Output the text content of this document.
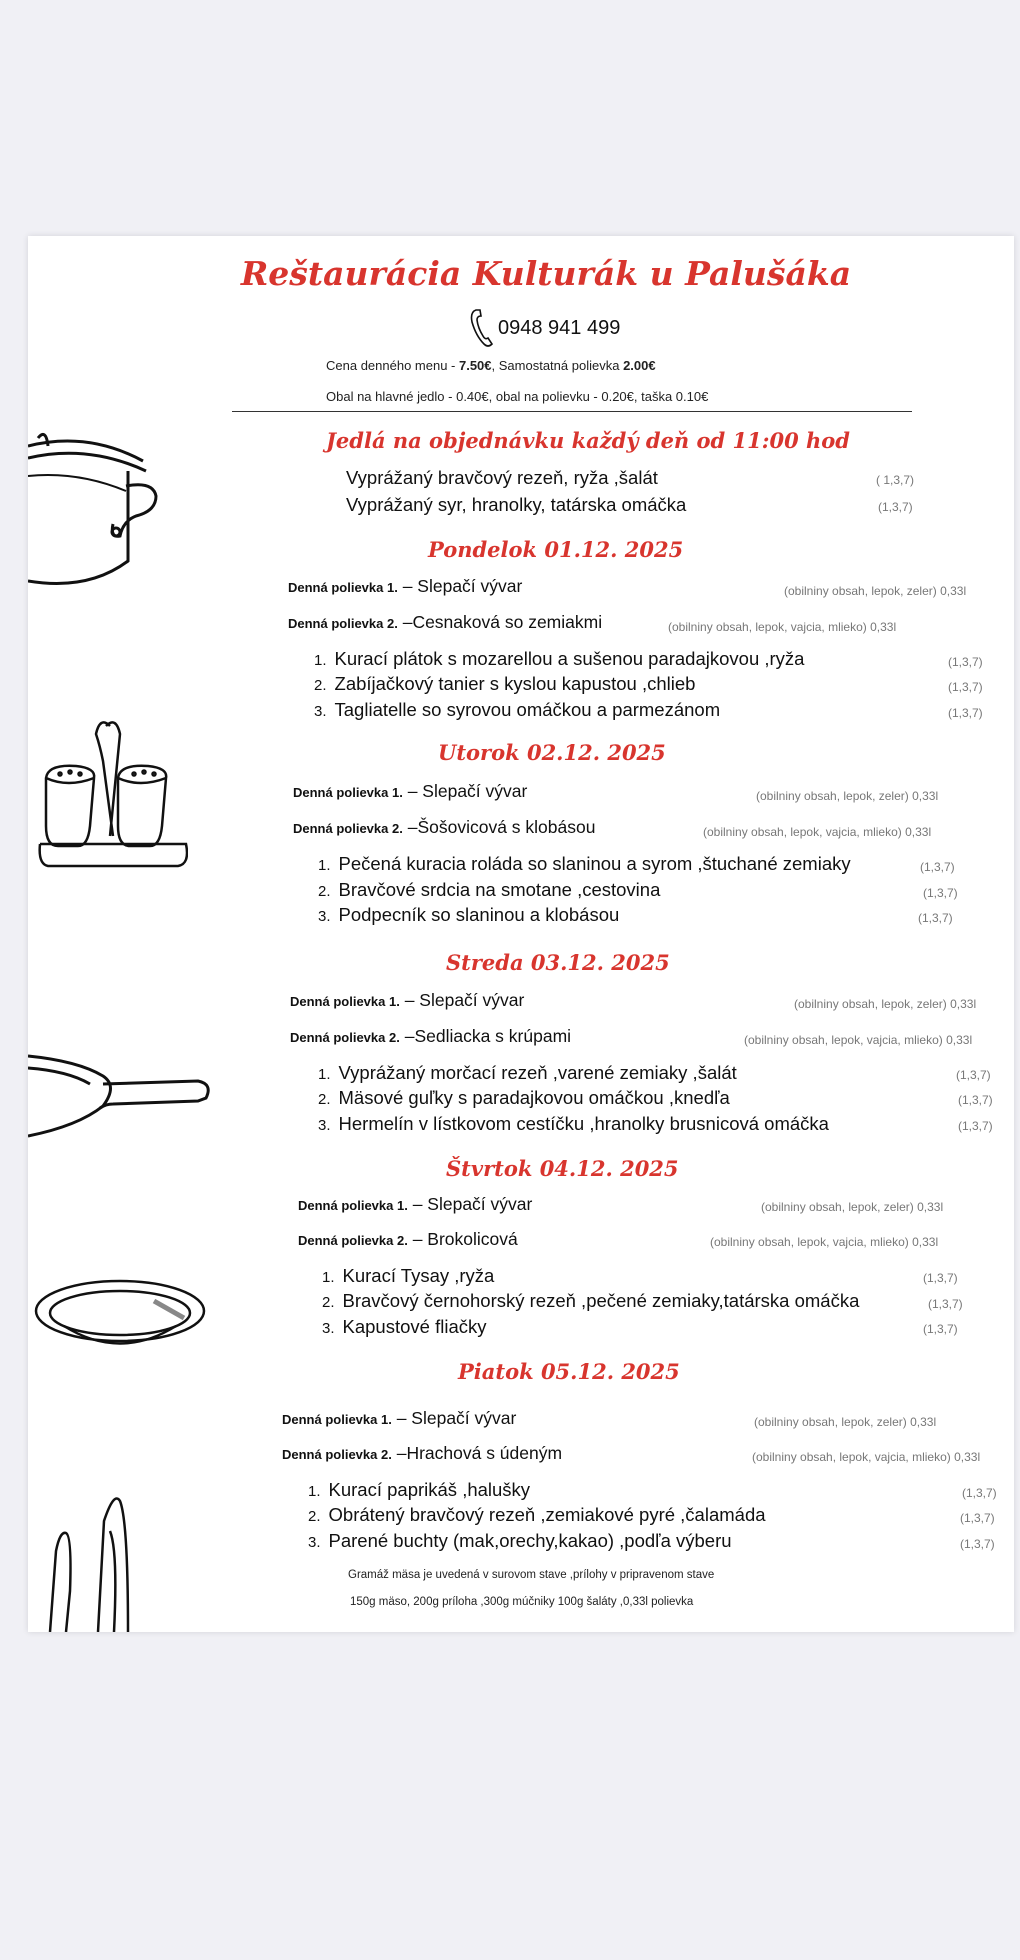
Reštaurácia Kulturák u Palušáka
0948 941 499
Cena denného menu - 7.50€, Samostatná polievka 2.00€
Obal na hlavné jedlo - 0.40€, obal na polievku - 0.20€, taška 0.10€
Jedlá na objednávku každý deň od 11:00 hod
Vyprážaný bravčový rezeň, ryža ,šalát	( 1,3,7)
Vyprážaný syr, hranolky, tatárska omáčka	(1,3,7)
Pondelok 01.12. 2025
Denná polievka 1. – Slepačí vývar	(obilniny obsah, lepok, zeler) 0,33l
Denná polievka 2. –Cesnaková so zemiakmi	(obilniny obsah, lepok, vajcia, mlieko) 0,33l
1. Kurací plátok s mozarellou a sušenou paradajkovou ,ryža	(1,3,7)
2. Zabíjačkový tanier s kyslou kapustou ,chlieb	(1,3,7)
3. Tagliatelle so syrovou omáčkou a parmezánom	(1,3,7)
Utorok 02.12. 2025
Denná polievka 1. – Slepačí vývar	(obilniny obsah, lepok, zeler) 0,33l
Denná polievka 2. –Šošovicová s klobásou	(obilniny obsah, lepok, vajcia, mlieko) 0,33l
1. Pečená kuracia roláda so slaninou a syrom ,štuchané zemiaky	(1,3,7)
2. Bravčové srdcia na smotane ,cestovina	(1,3,7)
3. Podpecník so slaninou a klobásou	(1,3,7)
Streda 03.12. 2025
Denná polievka 1. – Slepačí vývar	(obilniny obsah, lepok, zeler) 0,33l
Denná polievka 2. –Sedliacka s krúpami	(obilniny obsah, lepok, vajcia, mlieko) 0,33l
1. Vyprážaný morčací rezeň ,varené zemiaky ,šalát	(1,3,7)
2. Mäsové guľky s paradajkovou omáčkou ,knedľa	(1,3,7)
3. Hermelín v lístkovom cestíčku ,hranolky brusnicová omáčka	(1,3,7)
Štvrtok 04.12. 2025
Denná polievka 1. – Slepačí vývar	(obilniny obsah, lepok, zeler) 0,33l
Denná polievka 2. – Brokolicová	(obilniny obsah, lepok, vajcia, mlieko) 0,33l
1. Kurací Tysay ,ryža	(1,3,7)
2. Bravčový černohorský rezeň ,pečené zemiaky,tatárska omáčka	(1,3,7)
3. Kapustové fliačky	(1,3,7)
Piatok 05.12. 2025
Denná polievka 1. – Slepačí vývar	(obilniny obsah, lepok, zeler) 0,33l
Denná polievka 2. –Hrachová s údeným	(obilniny obsah, lepok, vajcia, mlieko) 0,33l
1. Kurací paprikáš ,halušky	(1,3,7)
2. Obrátený bravčový rezeň ,zemiakové pyré ,čalamáda	(1,3,7)
3. Parené buchty (mak,orechy,kakao) ,podľa výberu	(1,3,7)
Gramáž mäsa je uvedená v surovom stave ,prílohy v pripravenom stave
150g mäso, 200g príloha ,300g múčniky 100g šaláty ,0,33l polievka
